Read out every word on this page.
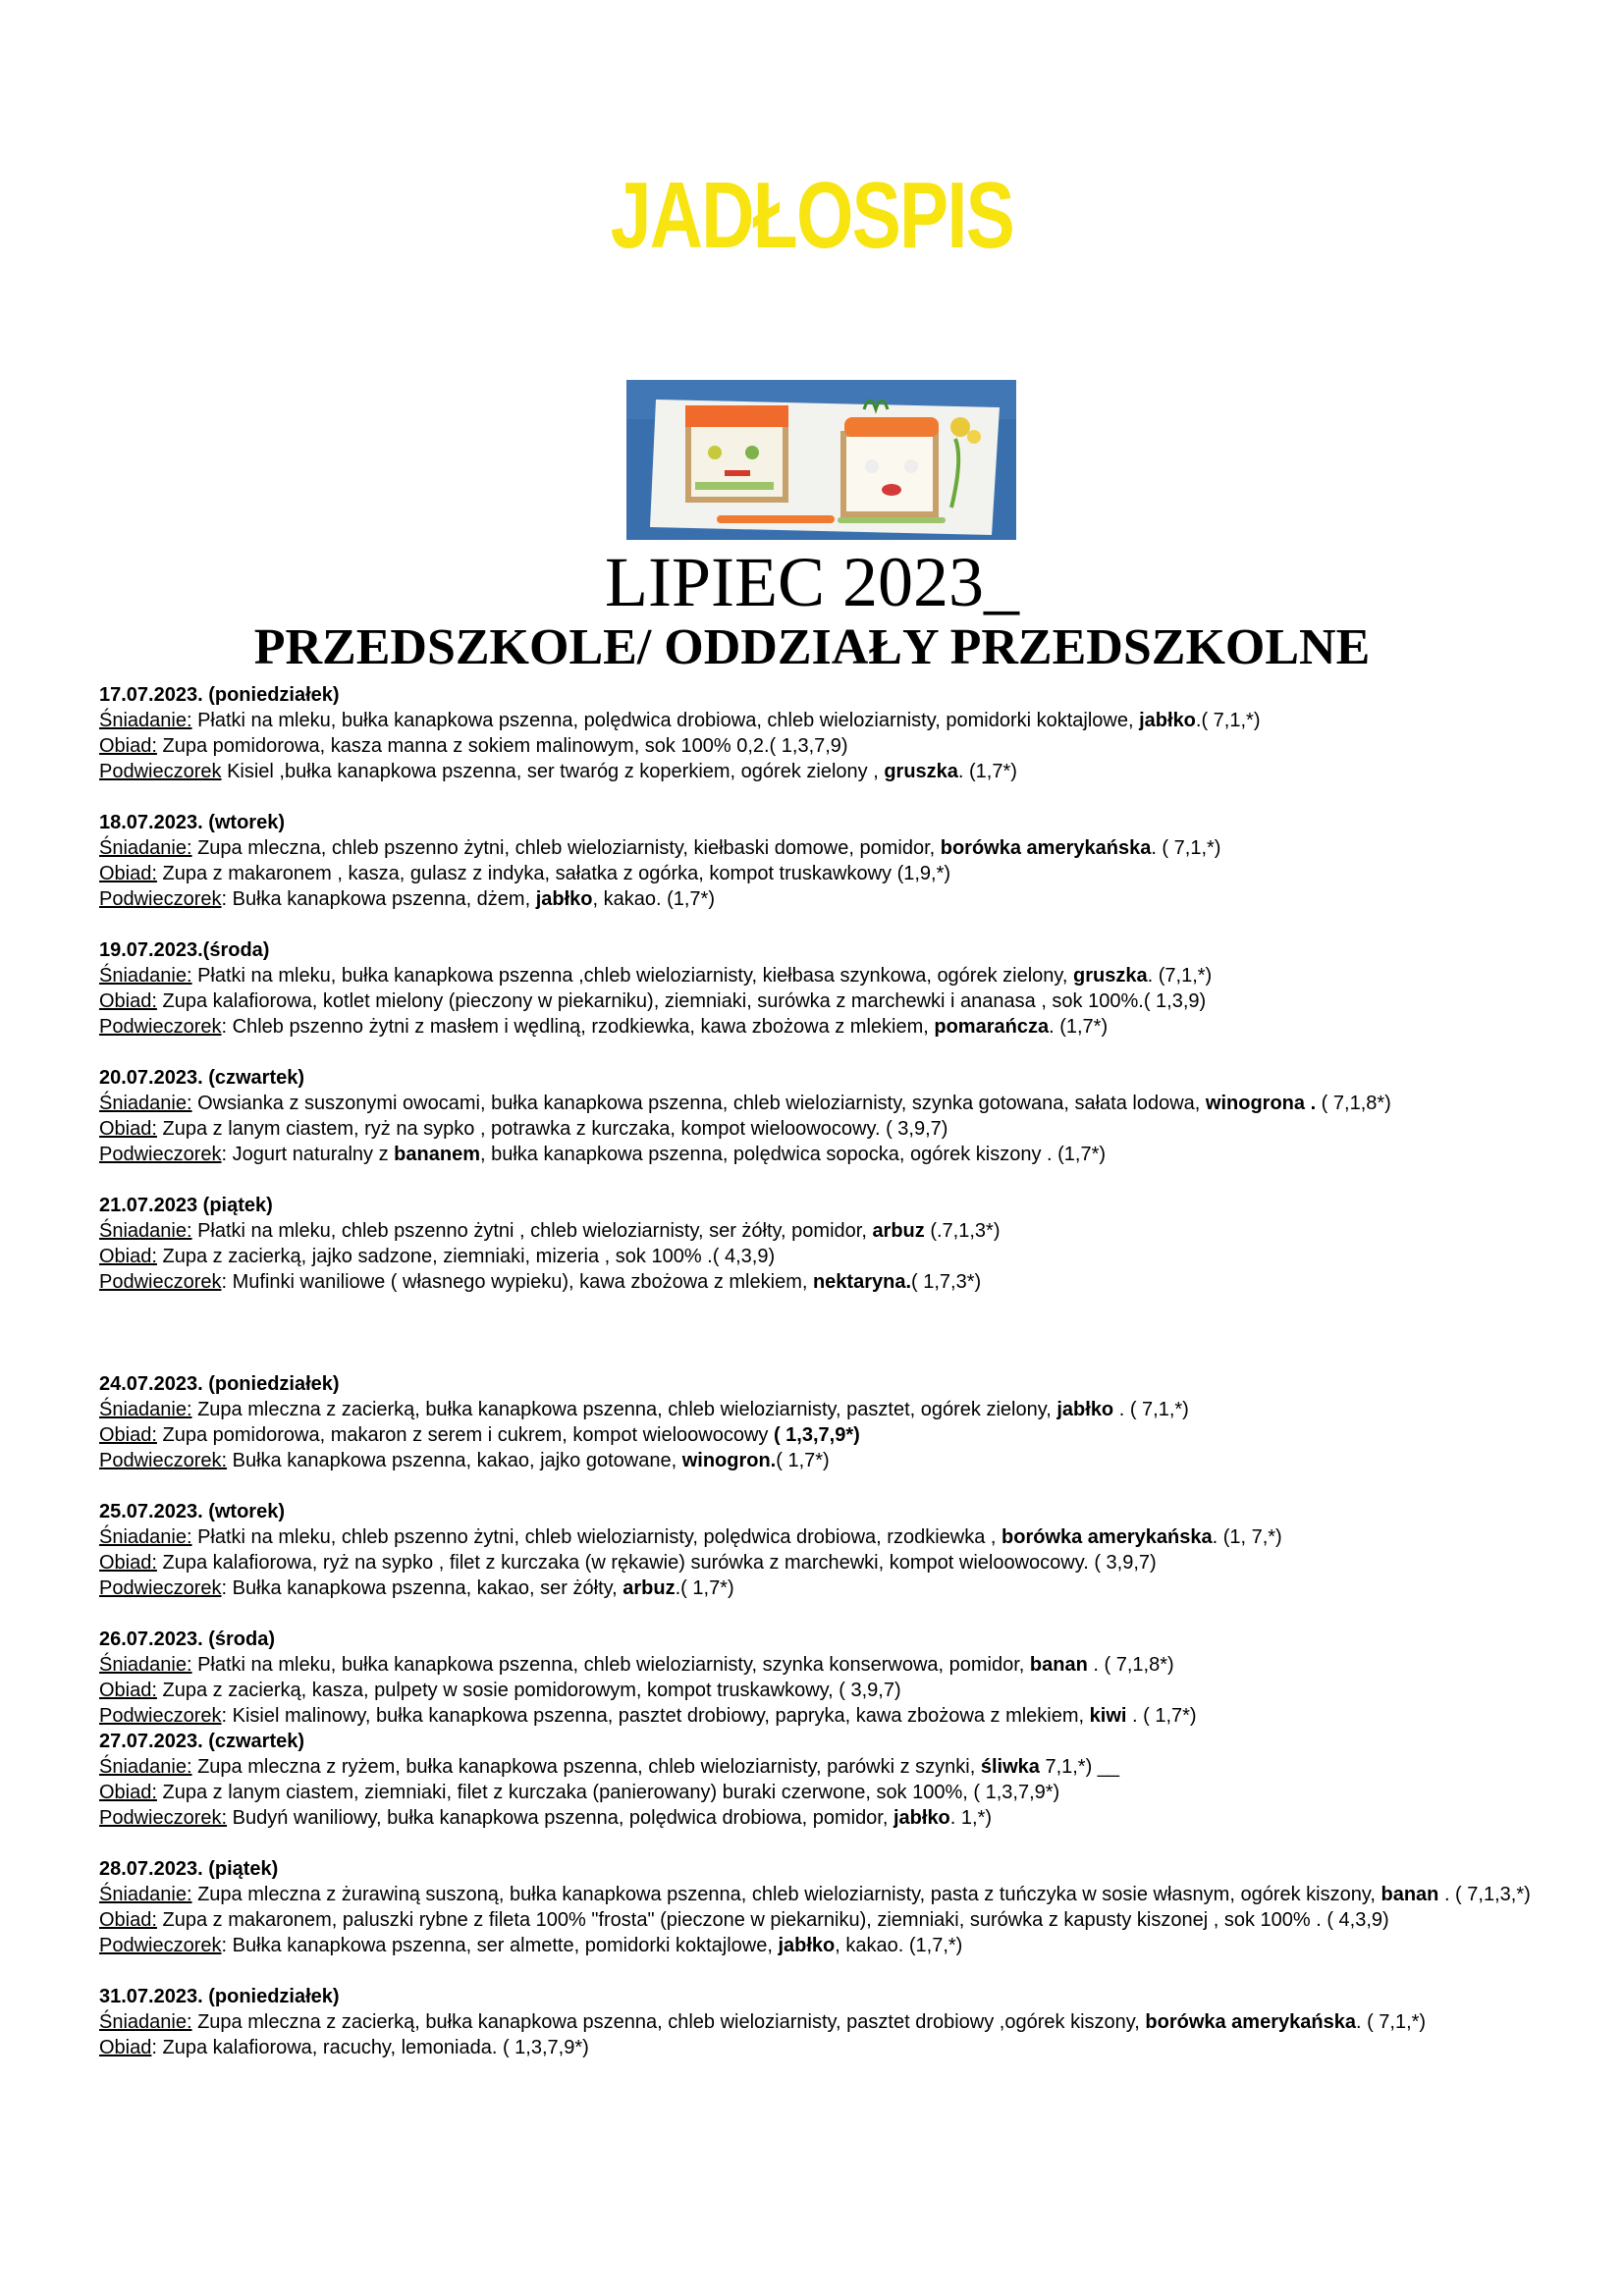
JADŁOSPIS
LIPIEC 2023_
PRZEDSZKOLE/ ODDZIAŁY PRZEDSZKOLNE
17.07.2023. (poniedziałek)
Śniadanie: Płatki na mleku, bułka kanapkowa pszenna, polędwica drobiowa, chleb wieloziarnisty, pomidorki koktajlowe, jabłko.( 7,1,*)
Obiad: Zupa pomidorowa, kasza manna z sokiem malinowym, sok 100% 0,2.( 1,3,7,9)
Podwieczorek Kisiel ,bułka kanapkowa pszenna, ser twaróg z koperkiem, ogórek zielony , gruszka. (1,7*)
18.07.2023. (wtorek)
Śniadanie: Zupa mleczna, chleb pszenno żytni, chleb wieloziarnisty, kiełbaski domowe, pomidor, borówka amerykańska. ( 7,1,*)
Obiad: Zupa z makaronem , kasza, gulasz z indyka, sałatka z ogórka, kompot truskawkowy (1,9,*)
Podwieczorek: Bułka kanapkowa pszenna, dżem, jabłko, kakao. (1,7*)
19.07.2023.(środa)
Śniadanie: Płatki na mleku, bułka kanapkowa pszenna ,chleb wieloziarnisty, kiełbasa szynkowa, ogórek zielony, gruszka. (7,1,*)
Obiad: Zupa kalafiorowa, kotlet mielony (pieczony w piekarniku), ziemniaki, surówka z marchewki i ananasa , sok 100%.( 1,3,9)
Podwieczorek: Chleb pszenno żytni z masłem i wędliną, rzodkiewka, kawa zbożowa z mlekiem, pomarańcza. (1,7*)
20.07.2023. (czwartek)
Śniadanie: Owsianka z suszonymi owocami, bułka kanapkowa pszenna, chleb wieloziarnisty, szynka gotowana, sałata lodowa, winogrona . ( 7,1,8*)
Obiad: Zupa z lanym ciastem, ryż na sypko , potrawka z kurczaka, kompot wieloowocowy. ( 3,9,7)
Podwieczorek: Jogurt naturalny z bananem, bułka kanapkowa pszenna, polędwica sopocka, ogórek kiszony . (1,7*)
21.07.2023 (piątek)
Śniadanie: Płatki na mleku, chleb pszenno żytni , chleb wieloziarnisty, ser żółty, pomidor, arbuz (.7,1,3*)
Obiad: Zupa z zacierką, jajko sadzone, ziemniaki, mizeria , sok 100% .( 4,3,9)
Podwieczorek: Mufinki waniliowe ( własnego wypieku), kawa zbożowa z mlekiem, nektaryna.( 1,7,3*)
24.07.2023. (poniedziałek)
Śniadanie: Zupa mleczna z zacierką, bułka kanapkowa pszenna, chleb wieloziarnisty, pasztet, ogórek zielony, jabłko . ( 7,1,*)
Obiad: Zupa pomidorowa, makaron z serem i cukrem, kompot wieloowocowy ( 1,3,7,9*)
Podwieczorek: Bułka kanapkowa pszenna, kakao, jajko gotowane, winogron.( 1,7*)
25.07.2023. (wtorek)
Śniadanie: Płatki na mleku, chleb pszenno żytni, chleb wieloziarnisty, polędwica drobiowa, rzodkiewka , borówka amerykańska. (1, 7,*)
Obiad: Zupa kalafiorowa, ryż na sypko , filet z kurczaka (w rękawie) surówka z marchewki, kompot wieloowocowy. ( 3,9,7)
Podwieczorek: Bułka kanapkowa pszenna, kakao, ser żółty, arbuz.( 1,7*)
26.07.2023. (środa)
Śniadanie: Płatki na mleku, bułka kanapkowa pszenna, chleb wieloziarnisty, szynka konserwowa, pomidor, banan . ( 7,1,8*)
Obiad: Zupa z zacierką, kasza, pulpety w sosie pomidorowym, kompot truskawkowy, ( 3,9,7)
Podwieczorek: Kisiel malinowy, bułka kanapkowa pszenna, pasztet drobiowy, papryka, kawa zbożowa z mlekiem, kiwi . ( 1,7*)
27.07.2023. (czwartek)
Śniadanie: Zupa mleczna z ryżem, bułka kanapkowa pszenna, chleb wieloziarnisty, parówki z szynki, śliwka 7,1,*) __
Obiad: Zupa z lanym ciastem, ziemniaki, filet z kurczaka (panierowany) buraki czerwone, sok 100%, ( 1,3,7,9*)
Podwieczorek: Budyń waniliowy, bułka kanapkowa pszenna, polędwica drobiowa, pomidor, jabłko. 1,*)
28.07.2023. (piątek)
Śniadanie: Zupa mleczna z żurawiną suszoną, bułka kanapkowa pszenna, chleb wieloziarnisty, pasta z tuńczyka w sosie własnym, ogórek kiszony, banan . ( 7,1,3,*)
Obiad: Zupa z makaronem, paluszki rybne z fileta 100% "frosta" (pieczone w piekarniku), ziemniaki, surówka z kapusty kiszonej , sok 100% . ( 4,3,9)
Podwieczorek: Bułka kanapkowa pszenna, ser almette, pomidorki koktajlowe, jabłko, kakao. (1,7,*)
31.07.2023. (poniedziałek)
Śniadanie: Zupa mleczna z zacierką, bułka kanapkowa pszenna, chleb wieloziarnisty, pasztet drobiowy ,ogórek kiszony, borówka amerykańska. ( 7,1,*)
Obiad: Zupa kalafiorowa, racuchy, lemoniada. ( 1,3,7,9*)
